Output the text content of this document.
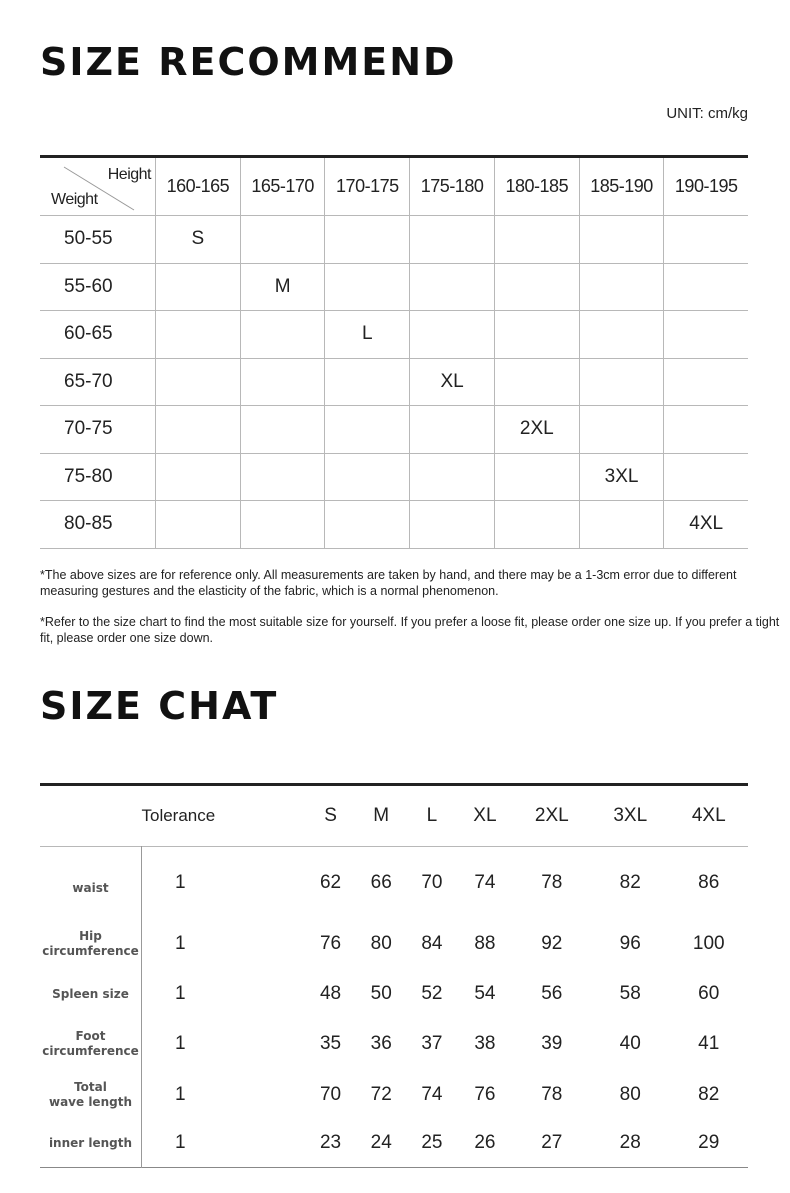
SIZE RECOMMEND
UNIT: cm/kg
Height
Weight	160-165	165-170	170-175	175-180	180-185	185-190	190-195
50-55	S						
55-60		M					
60-65			L				
65-70				XL			
70-75					2XL		
75-80						3XL	
80-85							4XL

*The above sizes are for reference only. All measurements are taken by hand, and there may be a 1-3cm error due to different measuring gestures and the elasticity of the fabric, which is a normal phenomenon.

*Refer to the size chart to find the most suitable size for yourself. If you prefer a loose fit, please order one size up. If you prefer a tight fit, please order one size down.

SIZE CHAT
	Tolerance	S	M	L	XL	2XL	3XL	4XL

waist	1	62	66	70	74	78	82	86

Hip
circumference	1	76	80	84	88	92	96	100

Spleen size	1	48	50	52	54	56	58	60

Foot
circumference	1	35	36	37	38	39	40	41

Total
wave length	1	70	72	74	76	78	80	82

inner length	1	23	24	25	26	27	28	29
